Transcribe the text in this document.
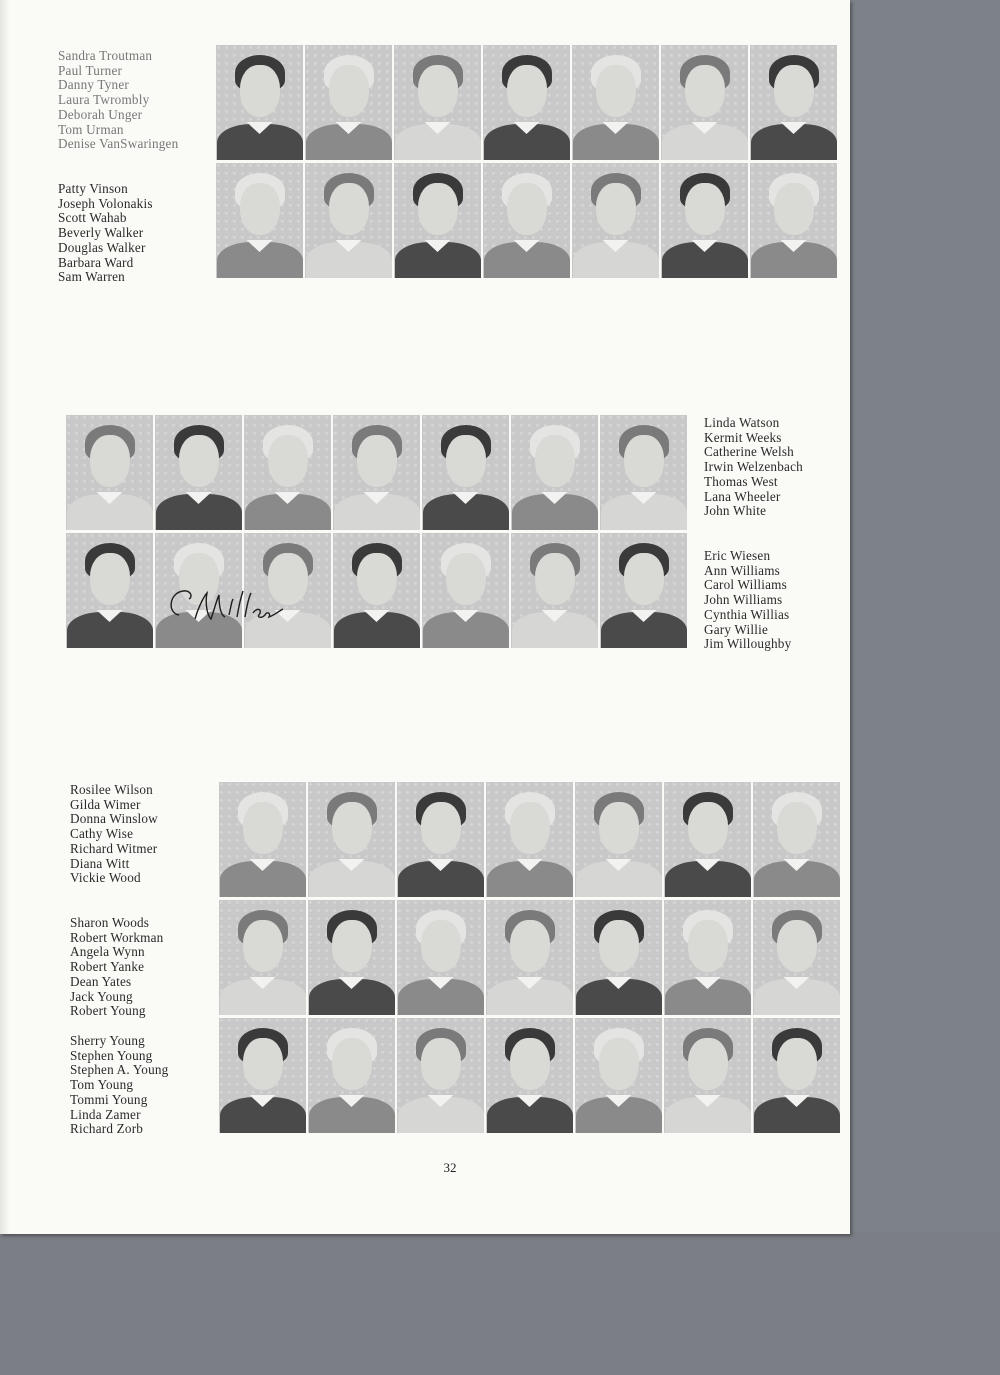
Sandra Troutman
Paul Turner
Danny Tyner
Laura Twrombly
Deborah Unger
Tom Urman
Denise VanSwaringen
Patty Vinson
Joseph Volonakis
Scott Wahab
Beverly Walker
Douglas Walker
Barbara Ward
Sam Warren
Linda Watson
Kermit Weeks
Catherine Welsh
Irwin Welzenbach
Thomas West
Lana Wheeler
John White
Eric Wiesen
Ann Williams
Carol Williams
John Williams
Cynthia Willias
Gary Willie
Jim Willoughby
Rosilee Wilson
Gilda Wimer
Donna Winslow
Cathy Wise
Richard Witmer
Diana Witt
Vickie Wood
Sharon Woods
Robert Workman
Angela Wynn
Robert Yanke
Dean Yates
Jack Young
Robert Young
Sherry Young
Stephen Young
Stephen A. Young
Tom Young
Tommi Young
Linda Zamer
Richard Zorb
32
